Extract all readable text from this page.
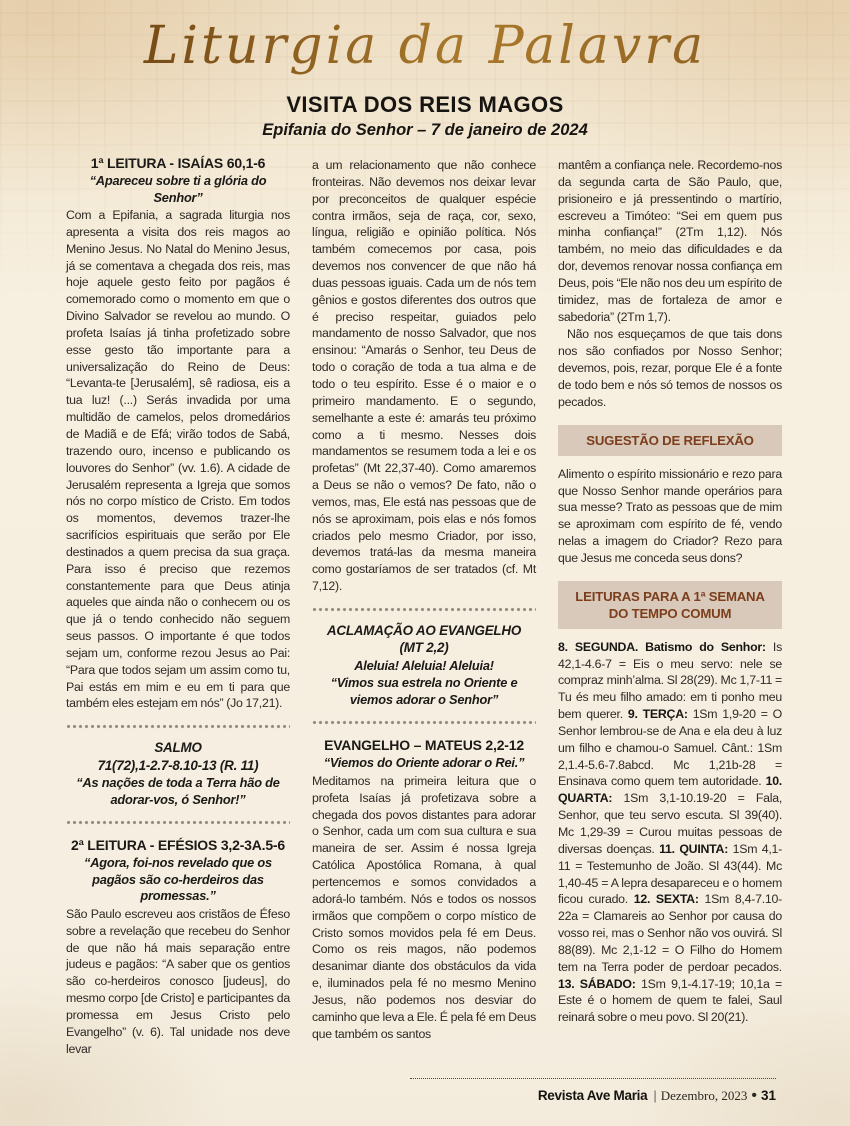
Liturgia da Palavra
VISITA DOS REIS MAGOS
Epifania do Senhor – 7 de janeiro de 2024
1ª LEITURA - ISAÍAS 60,1-6
“Apareceu sobre ti a glória do Senhor”

Com a Epifania, a sagrada liturgia nos apresenta a visita dos reis magos ao Menino Jesus. No Natal do Menino Jesus, já se comentava a chegada dos reis, mas hoje aquele gesto feito por pagãos é comemorado como o momento em que o Divino Salvador se revelou ao mundo. O profeta Isaías já tinha profetizado sobre esse gesto tão importante para a universalização do Reino de Deus: “Levanta-te [Jerusalém], sê radiosa, eis a tua luz! (...) Serás invadida por uma multidão de camelos, pelos dromedários de Madiã e de Efá; virão todos de Sabá, trazendo ouro, incenso e publicando os louvores do Senhor” (vv. 1.6). A cidade de Jerusalém representa a Igreja que somos nós no corpo místico de Cristo. Em todos os momentos, devemos trazer-lhe sacrifícios espirituais que serão por Ele destinados a quem precisa da sua graça. Para isso é preciso que rezemos constantemente para que Deus atinja aqueles que ainda não o conhecem ou os que já o tendo conhecido não seguem seus passos. O importante é que todos sejam um, conforme rezou Jesus ao Pai: “Para que todos sejam um assim como tu, Pai estás em mim e eu em ti para que também eles estejam em nós” (Jo 17,21).

SALMO
71(72),1-2.7-8.10-13 (R. 11)
“As nações de toda a Terra hão de adorar-vos, ó Senhor!”
2ª LEITURA - EFÉSIOS 3,2-3A.5-6
“Agora, foi-nos revelado que os pagãos são co-herdeiros das promessas.”

São Paulo escreveu aos cristãos de Éfeso sobre a revelação que recebeu do Senhor de que não há mais separação entre judeus e pagãos: “A saber que os gentios são co-herdeiros conosco [judeus], do mesmo corpo [de Cristo] e participantes da promessa em Jesus Cristo pelo Evangelho” (v. 6). Tal unidade nos deve levar

a um relacionamento que não conhece fronteiras. Não devemos nos deixar levar por preconceitos de qualquer espécie contra irmãos, seja de raça, cor, sexo, língua, religião e opinião política. Nós também comecemos por casa, pois devemos nos convencer de que não há duas pessoas iguais. Cada um de nós tem gênios e gostos diferentes dos outros que é preciso respeitar, guiados pelo mandamento de nosso Salvador, que nos ensinou: “Amarás o Senhor, teu Deus de todo o coração de toda a tua alma e de todo o teu espírito. Esse é o maior e o primeiro mandamento. E o segundo, semelhante a este é: amarás teu próximo como a ti mesmo. Nesses dois mandamentos se resumem toda a lei e os profetas” (Mt 22,37-40). Como amaremos a Deus se não o vemos? De fato, não o vemos, mas, Ele está nas pessoas que de nós se aproximam, pois elas e nós fomos criados pelo mesmo Criador, por isso, devemos tratá-las da mesma maneira como gostaríamos de ser tratados (cf. Mt 7,12).

ACLAMAÇÃO AO EVANGELHO
(MT 2,2)
Aleluia! Aleluia! Aleluia!
“Vimos sua estrela no Oriente e viemos adorar o Senhor”
EVANGELHO – MATEUS 2,2-12
“Viemos do Oriente adorar o Rei.”

Meditamos na primeira leitura que o profeta Isaías já profetizava sobre a chegada dos povos distantes para adorar o Senhor, cada um com sua cultura e sua maneira de ser. Assim é nossa Igreja Católica Apostólica Romana, à qual pertencemos e somos convidados a adorá-lo também. Nós e todos os nossos irmãos que compõem o corpo místico de Cristo somos movidos pela fé em Deus. Como os reis magos, não podemos desanimar diante dos obstáculos da vida e, iluminados pela fé no mesmo Menino Jesus, não podemos nos desviar do caminho que leva a Ele. É pela fé em Deus que também os santos

mantêm a confiança nele. Recordemo-nos da segunda carta de São Paulo, que, prisioneiro e já pressentindo o martírio, escreveu a Timóteo: “Sei em quem pus minha confiança!” (2Tm 1,12). Nós também, no meio das dificuldades e da dor, devemos renovar nossa confiança em Deus, pois “Ele não nos deu um espírito de timidez, mas de fortaleza de amor e sabedoria” (2Tm 1,7).

Não nos esqueçamos de que tais dons nos são confiados por Nosso Senhor; devemos, pois, rezar, porque Ele é a fonte de todo bem e nós só temos de nossos os pecados.

SUGESTÃO DE REFLEXÃO

Alimento o espírito missionário e rezo para que Nosso Senhor mande operários para sua messe? Trato as pessoas que de mim se aproximam com espírito de fé, vendo nelas a imagem do Criador? Rezo para que Jesus me conceda seus dons?

LEITURAS PARA A 1ª SEMANA
DO TEMPO COMUM

8. SEGUNDA. Batismo do Senhor: Is 42,1-4.6-7 = Eis o meu servo: nele se compraz minh’alma. Sl 28(29). Mc 1,7-11 = Tu és meu filho amado: em ti ponho meu bem querer. 9. TERÇA: 1Sm 1,9-20 = O Senhor lembrou-se de Ana e ela deu à luz um filho e chamou-o Samuel. Cânt.: 1Sm 2,1.4-5.6-7.8abcd. Mc 1,21b-28 = Ensinava como quem tem autoridade. 10. QUARTA: 1Sm 3,1-10.19-20 = Fala, Senhor, que teu servo escuta. Sl 39(40). Mc 1,29-39 = Curou muitas pessoas de diversas doenças. 11. QUINTA: 1Sm 4,1-11 = Testemunho de João. Sl 43(44). Mc 1,40-45 = A lepra desapareceu e o homem ficou curado. 12. SEXTA: 1Sm 8,4-7.10-22a = Clamareis ao Senhor por causa do vosso rei, mas o Senhor não vos ouvirá. Sl 88(89). Mc 2,1-12 = O Filho do Homem tem na Terra poder de perdoar pecados. 13. SÁBADO: 1Sm 9,1-4.17-19; 10,1a = Este é o homem de quem te falei, Saul reinará sobre o meu povo. Sl 20(21).

Revista Ave Maria | Dezembro, 2023 • 31
